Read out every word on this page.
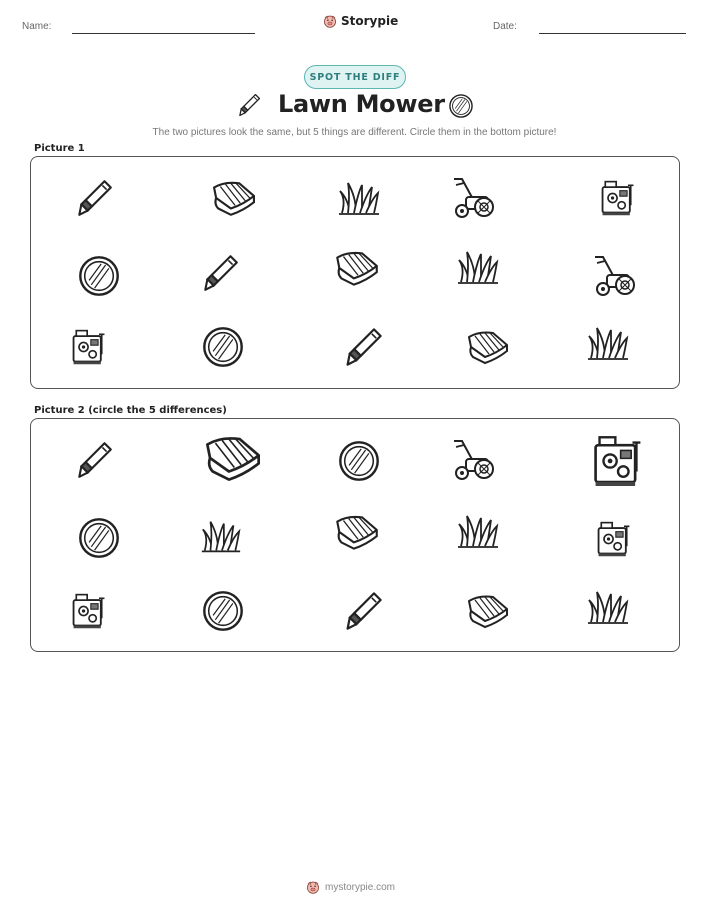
Name:	Storypie	Date:
SPOT THE DIFF
Lawn Mower
The two pictures look the same, but 5 things are different. Circle them in the bottom picture!
Picture 1
Picture 2 (circle the 5 differences)
mystorypie.com
